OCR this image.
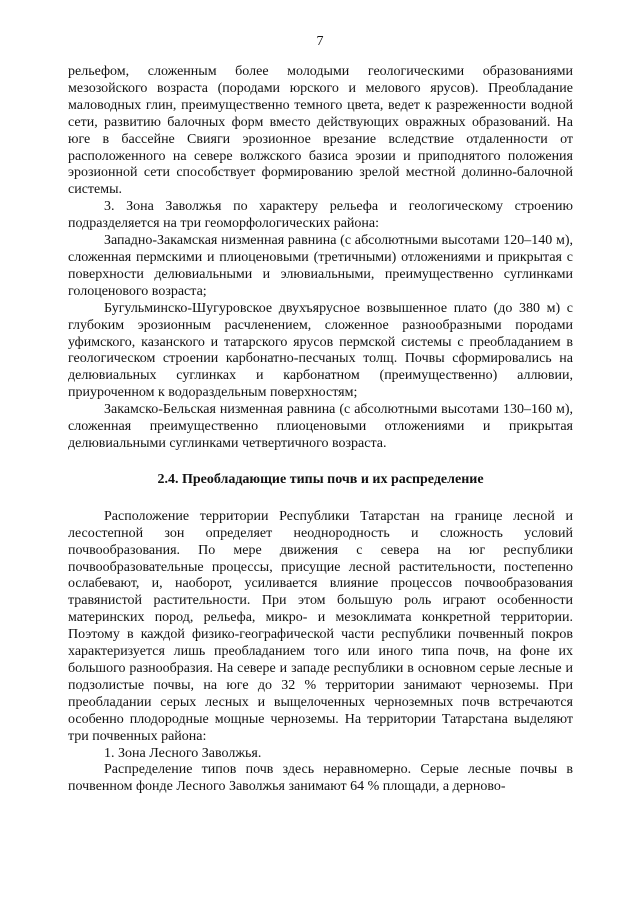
7

рельефом, сложенным более молодыми геологическими образованиями мезозойского возраста (породами юрского и мелового ярусов). Преобладание маловодных глин, преимущественно темного цвета, ведет к разреженности водной сети, развитию балочных форм вместо действующих овражных образований. На юге в бассейне Свияги эрозионное врезание вследствие отдаленности от расположенного на севере волжского базиса эрозии и приподнятого положения эрозионной сети способствует формированию зрелой местной долинно-балочной системы.

3. Зона Заволжья по характеру рельефа и геологическому строению подразделяется на три геоморфологических района:

Западно-Закамская низменная равнина (с абсолютными высотами 120–140 м), сложенная пермскими и плиоценовыми (третичными) отложениями и прикрытая с поверхности делювиальными и элювиальными, преимущественно суглинками голоценового возраста;

Бугульминско-Шугуровское двухъярусное возвышенное плато (до 380 м) с глубоким эрозионным расчленением, сложенное разнообразными породами уфимского, казанского и татарского ярусов пермской системы с преобладанием в геологическом строении карбонатно-песчаных толщ. Почвы сформировались на делювиальных суглинках и карбонатном (преимущественно) аллювии, приуроченном к водораздельным поверхностям;

Закамско-Бельская низменная равнина (с абсолютными высотами 130–160 м), сложенная преимущественно плиоценовыми отложениями и прикрытая делювиальными суглинками четвертичного возраста.

2.4. Преобладающие типы почв и их распределение

Расположение территории Республики Татарстан на границе лесной и лесостепной зон определяет неоднородность и сложность условий почвообразования. По мере движения с севера на юг республики почвообразовательные процессы, присущие лесной растительности, постепенно ослабевают, и, наоборот, усиливается влияние процессов почвообразования травянистой растительности. При этом большую роль играют особенности материнских пород, рельефа, микро- и мезоклимата конкретной территории. Поэтому в каждой физико-географической части республики почвенный покров характеризуется лишь преобладанием того или иного типа почв, на фоне их большого разнообразия. На севере и западе республики в основном серые лесные и подзолистые почвы, на юге до 32 % территории занимают черноземы. При преобладании серых лесных и выщелоченных черноземных почв встречаются особенно плодородные мощные черноземы. На территории Татарстана выделяют три почвенных района:

1. Зона Лесного Заволжья.

Распределение типов почв здесь неравномерно. Серые лесные почвы в почвенном фонде Лесного Заволжья занимают 64 % площади, а дерново-
